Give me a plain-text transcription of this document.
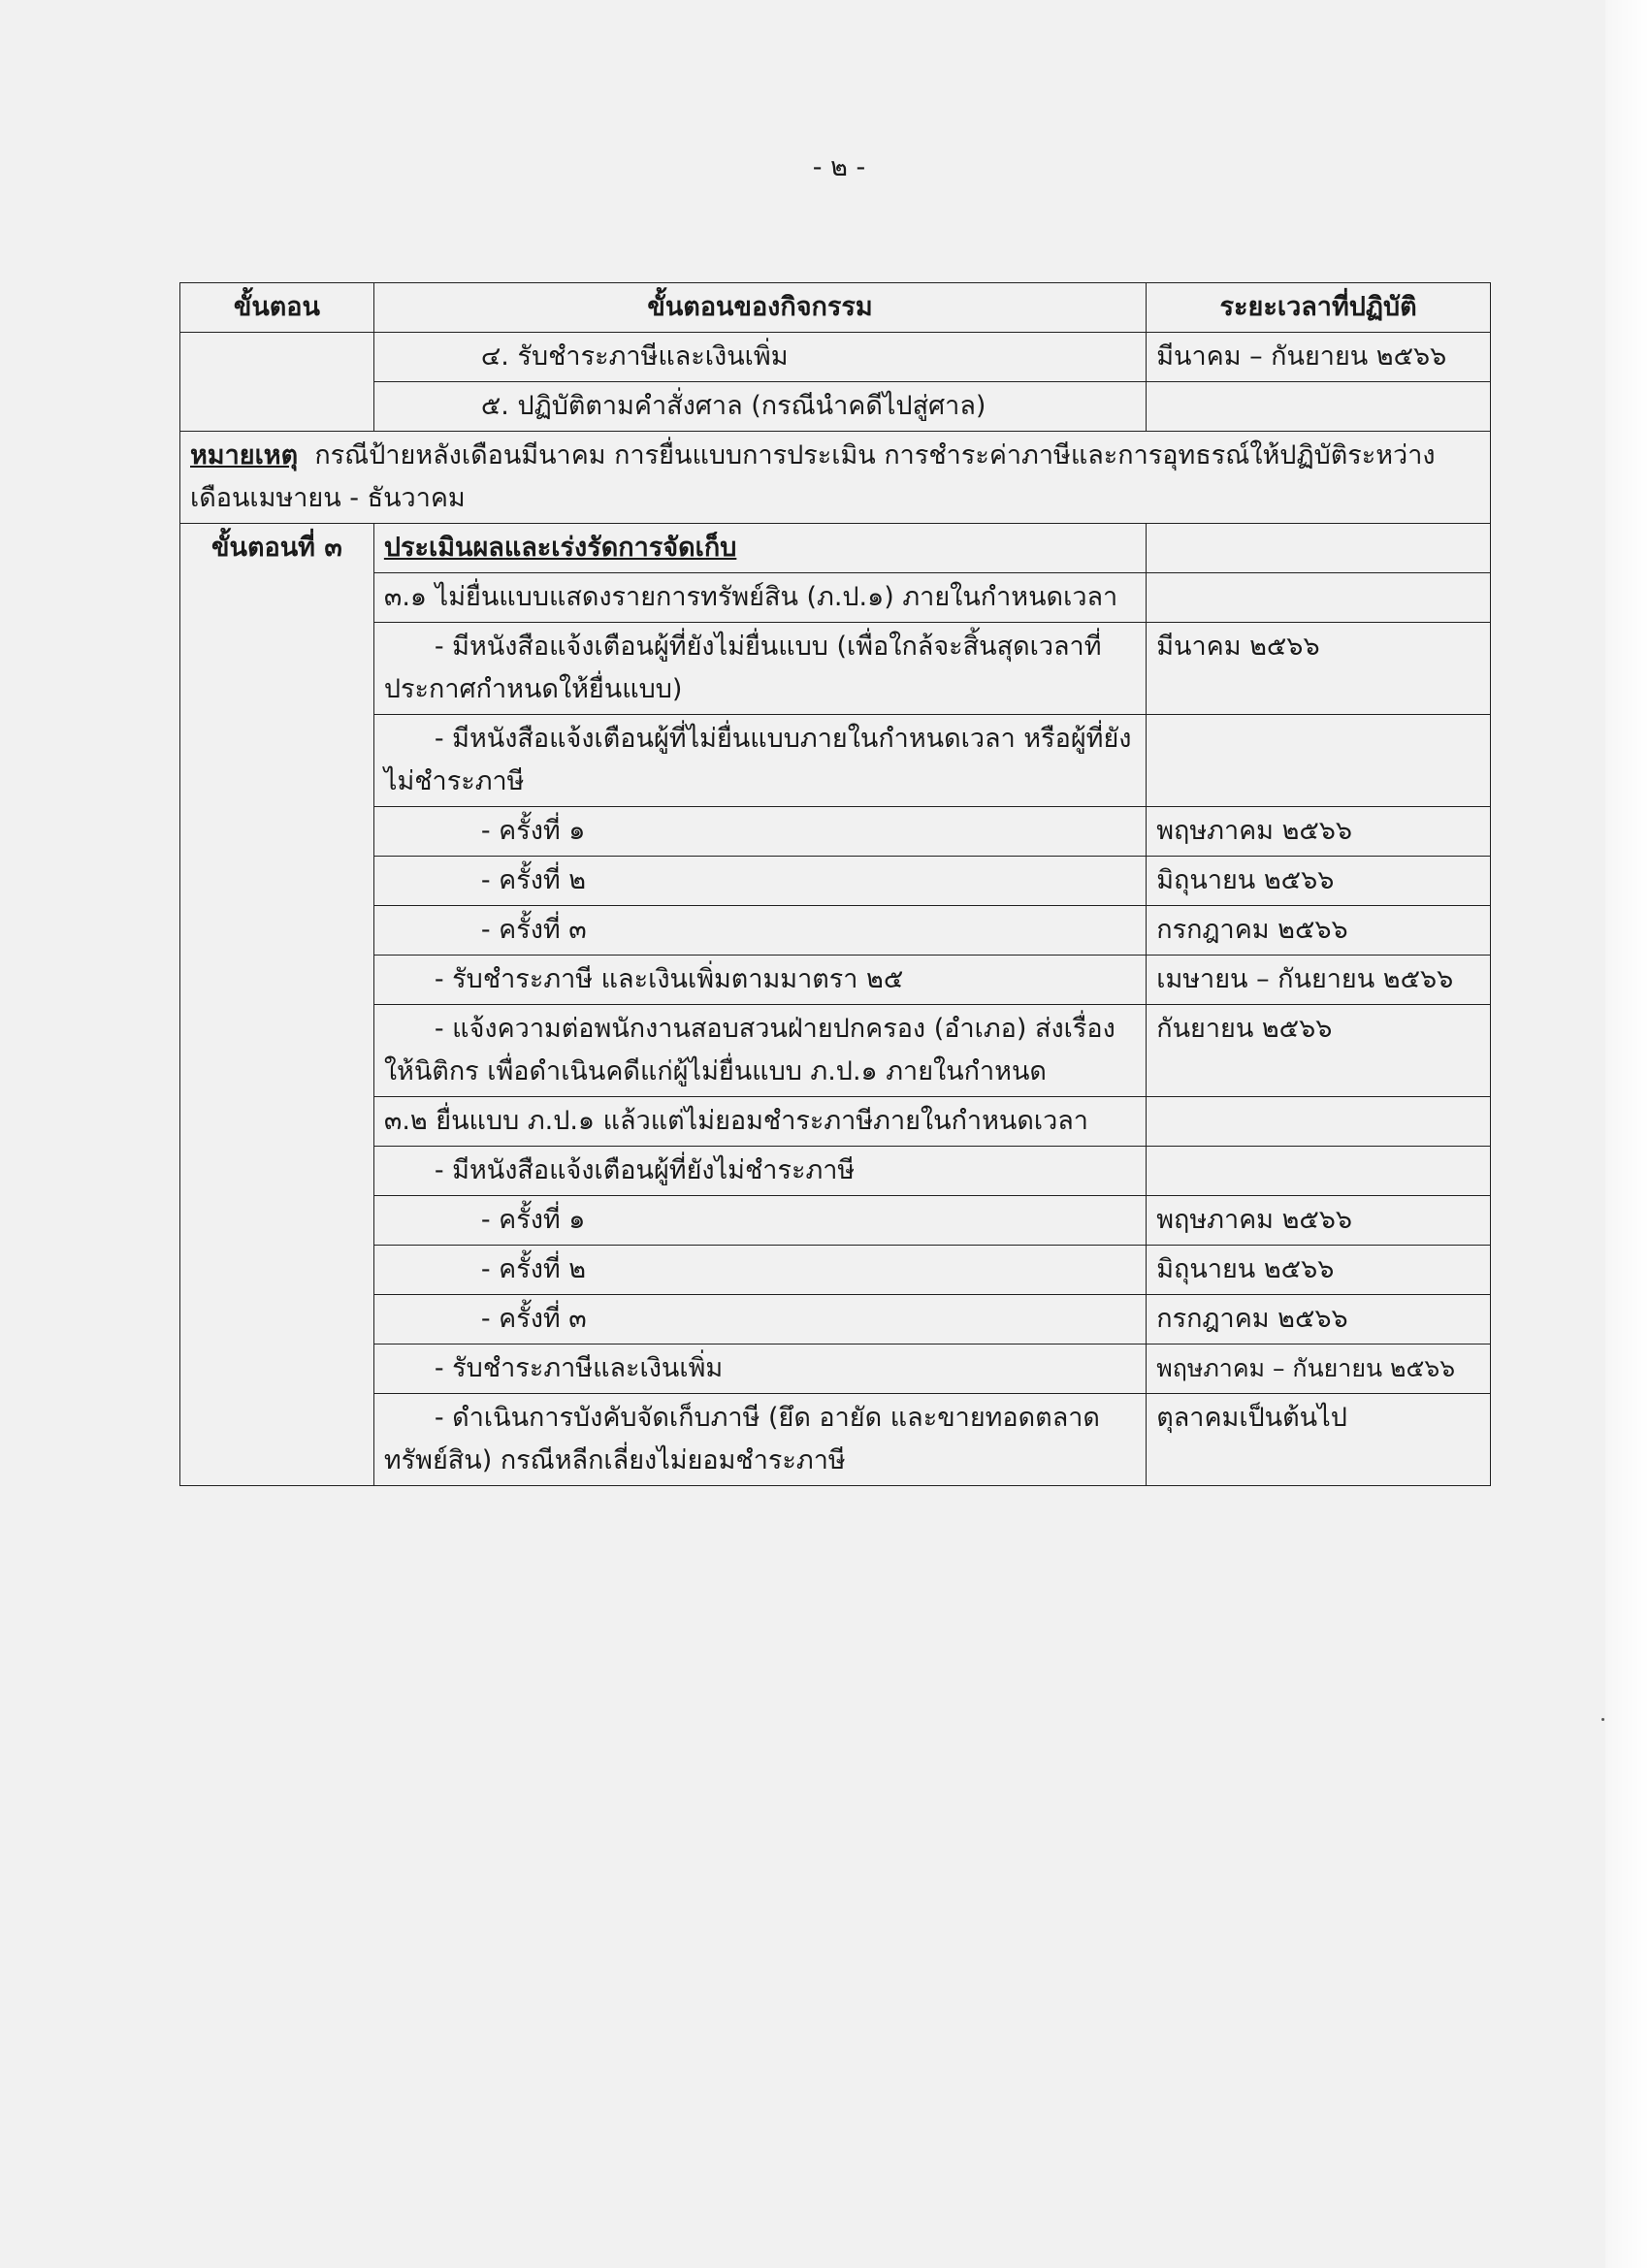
- ๒ -
ขั้นตอน	ขั้นตอนของกิจกรรม	ระยะเวลาที่ปฏิบัติ
	๔. รับชำระภาษีและเงินเพิ่ม	มีนาคม – กันยายน ๒๕๖๖
	๕. ปฏิบัติตามคำสั่งศาล (กรณีนำคดีไปสู่ศาล)	
หมายเหตุ กรณีป้ายหลังเดือนมีนาคม การยื่นแบบการประเมิน การชำระค่าภาษีและการอุทธรณ์ให้ปฏิบัติระหว่างเดือนเมษายน - ธันวาคม		
ขั้นตอนที่ ๓	ประเมินผลและเร่งรัดการจัดเก็บ	
	๓.๑ ไม่ยื่นแบบแสดงรายการทรัพย์สิน (ภ.ป.๑) ภายในกำหนดเวลา	
	- มีหนังสือแจ้งเตือนผู้ที่ยังไม่ยื่นแบบ (เพื่อใกล้จะสิ้นสุดเวลาที่ประกาศกำหนดให้ยื่นแบบ)	มีนาคม ๒๕๖๖
	- มีหนังสือแจ้งเตือนผู้ที่ไม่ยื่นแบบภายในกำหนดเวลา หรือผู้ที่ยังไม่ชำระภาษี	
	- ครั้งที่ ๑	พฤษภาคม ๒๕๖๖
	- ครั้งที่ ๒	มิถุนายน ๒๕๖๖
	- ครั้งที่ ๓	กรกฎาคม ๒๕๖๖
	- รับชำระภาษี และเงินเพิ่มตามมาตรา ๒๕	เมษายน – กันยายน ๒๕๖๖
	- แจ้งความต่อพนักงานสอบสวนฝ่ายปกครอง (อำเภอ) ส่งเรื่องให้นิติกร เพื่อดำเนินคดีแก่ผู้ไม่ยื่นแบบ ภ.ป.๑ ภายในกำหนด	กันยายน ๒๕๖๖
	๓.๒ ยื่นแบบ ภ.ป.๑ แล้วแต่ไม่ยอมชำระภาษีภายในกำหนดเวลา	
	- มีหนังสือแจ้งเตือนผู้ที่ยังไม่ชำระภาษี	
	- ครั้งที่ ๑	พฤษภาคม ๒๕๖๖
	- ครั้งที่ ๒	มิถุนายน ๒๕๖๖
	- ครั้งที่ ๓	กรกฎาคม ๒๕๖๖
	- รับชำระภาษีและเงินเพิ่ม	พฤษภาคม – กันยายน ๒๕๖๖
	- ดำเนินการบังคับจัดเก็บภาษี (ยึด อายัด และขายทอดตลาดทรัพย์สิน) กรณีหลีกเลี่ยงไม่ยอมชำระภาษี	ตุลาคมเป็นต้นไป
